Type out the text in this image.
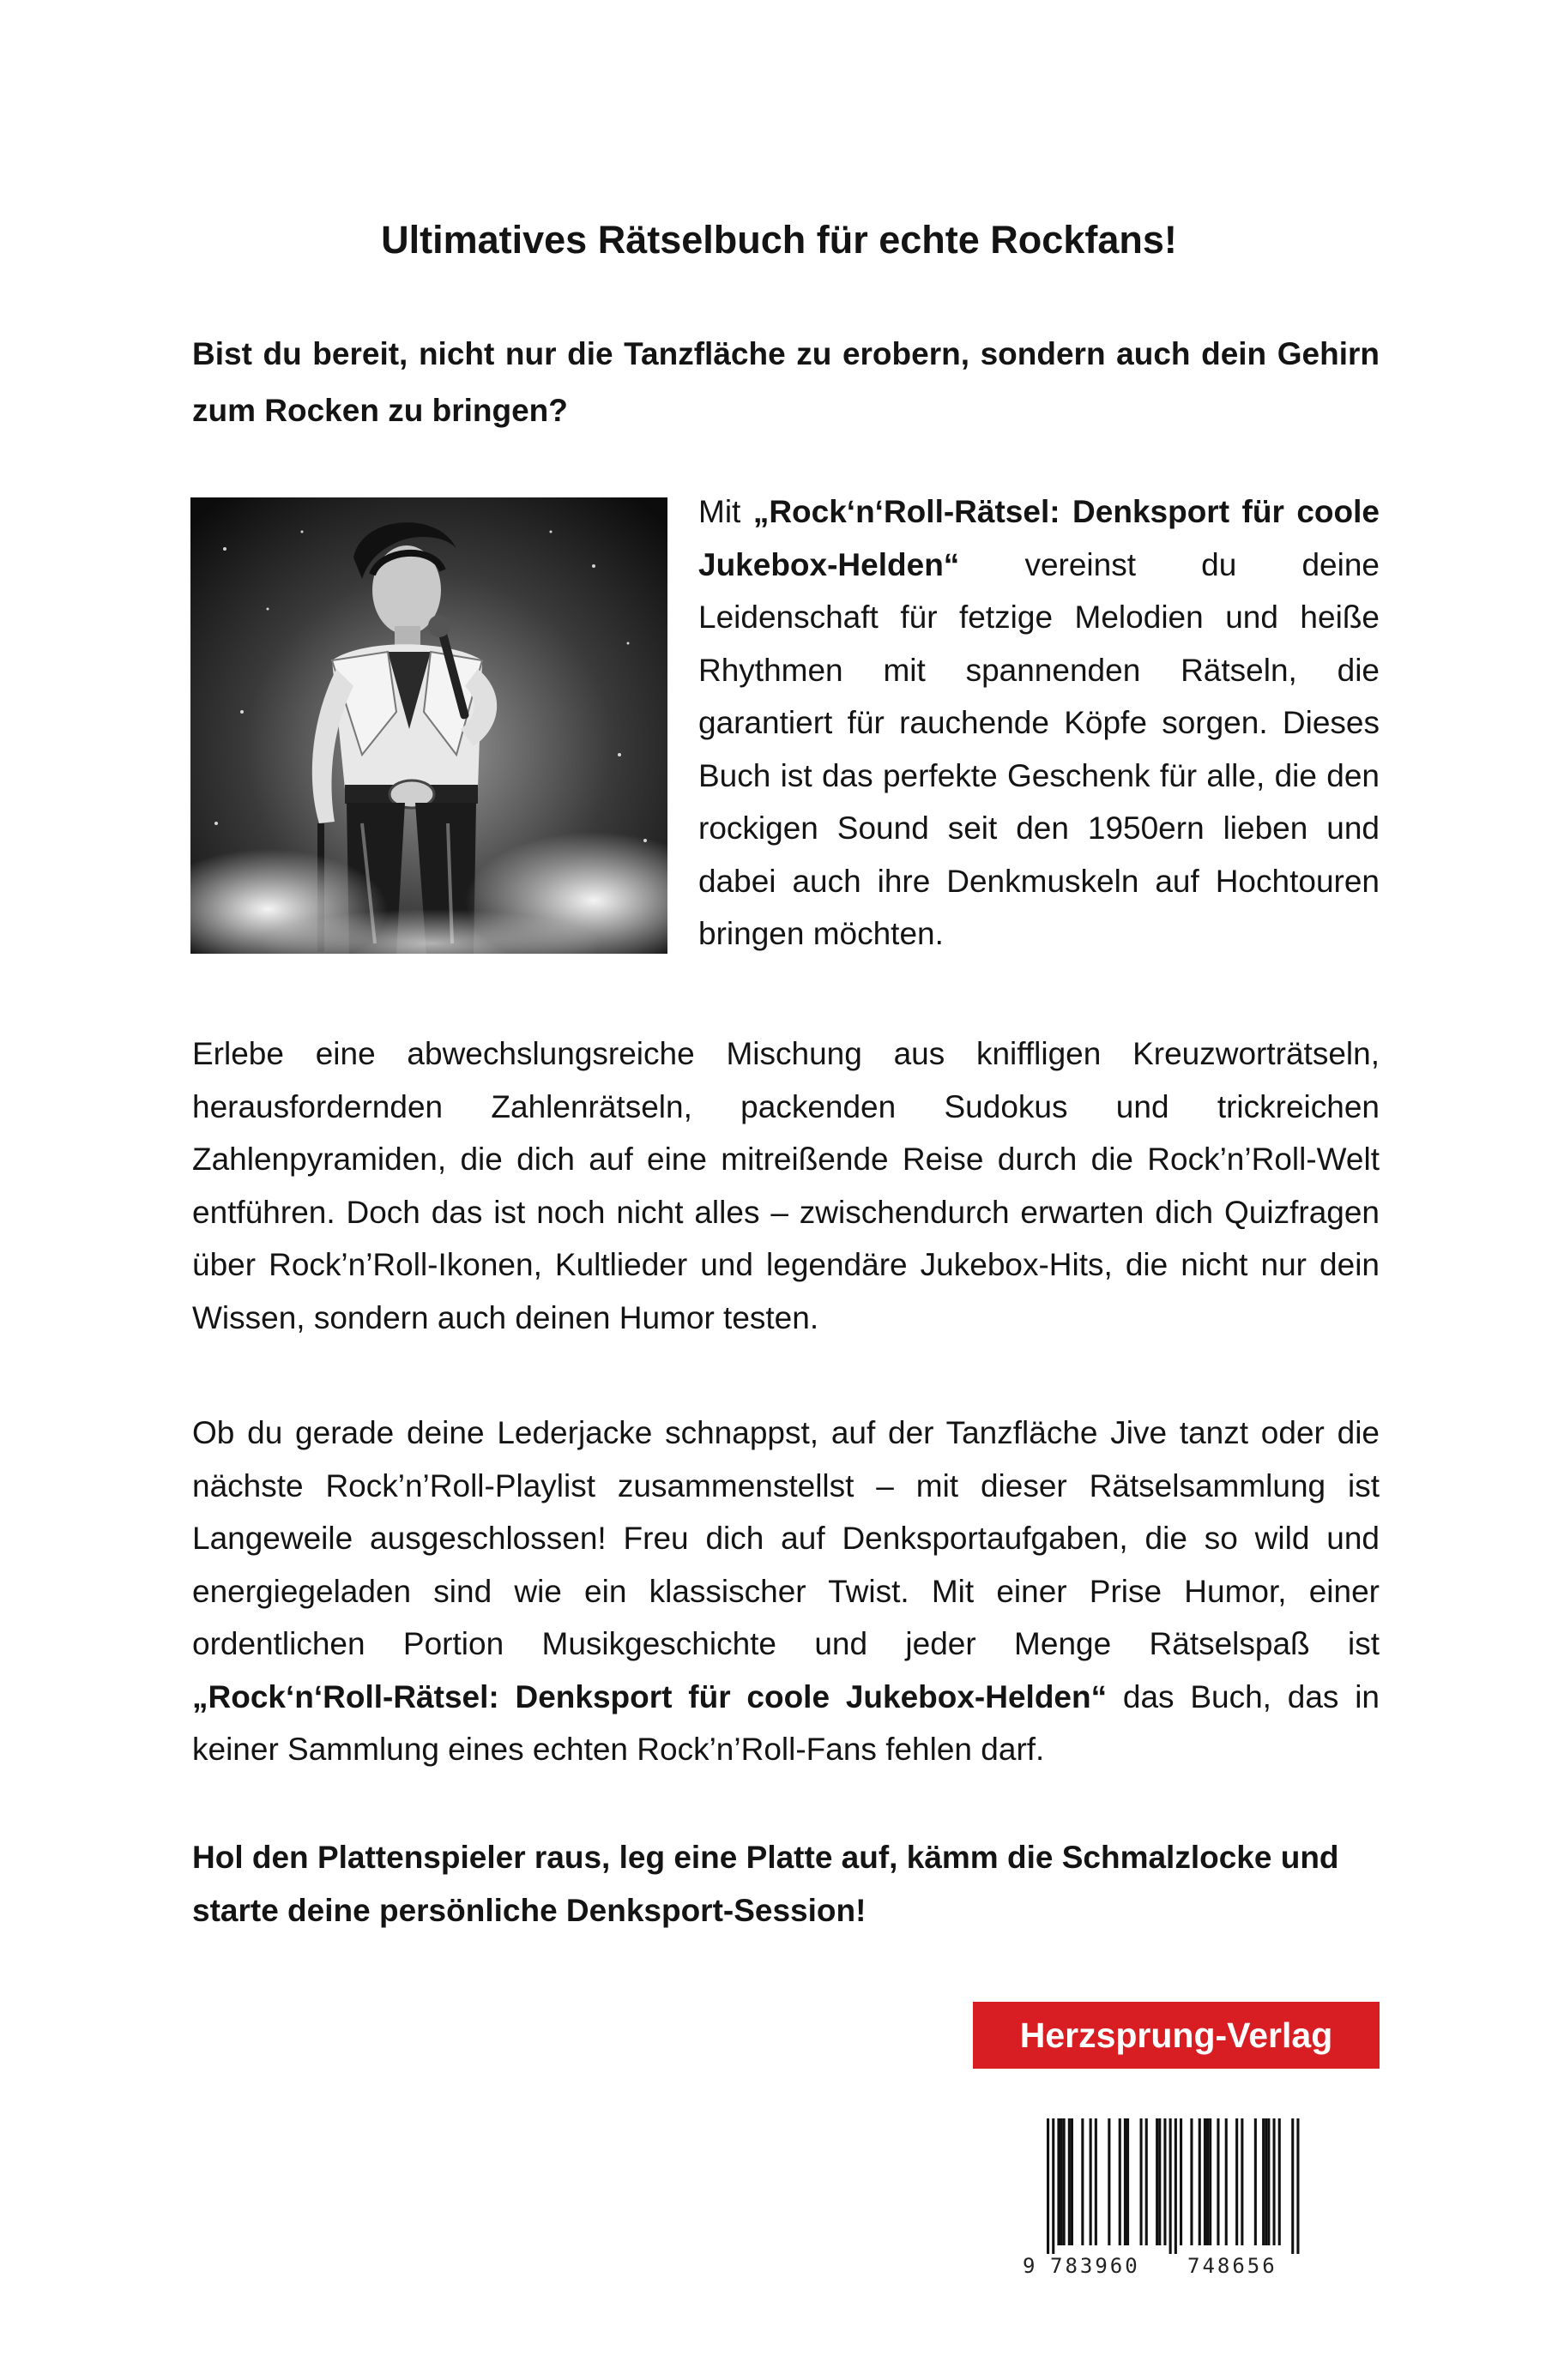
Ultimatives Rätselbuch für echte Rockfans!

Bist du bereit, nicht nur die Tanzfläche zu erobern, sondern auch dein Gehirn zum Rocken zu bringen?

Mit „Rock‘n‘Roll-Rätsel: Denksport für coole Jukebox-Helden“ vereinst du deine Leidenschaft für fetzige Melodien und heiße Rhythmen mit spannenden Rätseln, die garantiert für rauchende Köpfe sorgen. Dieses Buch ist das perfekte Geschenk für alle, die den rockigen Sound seit den 1950ern lieben und dabei auch ihre Denkmuskeln auf Hochtouren bringen möchten.

Erlebe eine abwechslungsreiche Mischung aus kniffligen Kreuzworträtseln, herausfordernden Zahlenrätseln, packenden Sudokus und trickreichen Zahlenpyramiden, die dich auf eine mitreißende Reise durch die Rock’n’Roll-Welt entführen. Doch das ist noch nicht alles – zwischendurch erwarten dich Quizfragen über Rock’n’Roll-Ikonen, Kultlieder und legendäre Jukebox-Hits, die nicht nur dein Wissen, sondern auch deinen Humor testen.

Ob du gerade deine Lederjacke schnappst, auf der Tanzfläche Jive tanzt oder die nächste Rock’n’Roll-Playlist zusammenstellst – mit dieser Rätselsammlung ist Langeweile ausgeschlossen! Freu dich auf Denksportaufgaben, die so wild und energiegeladen sind wie ein klassischer Twist. Mit einer Prise Humor, einer ordentlichen Portion Musikgeschichte und jeder Menge Rätselspaß ist „Rock‘n‘Roll-Rätsel: Denksport für coole Jukebox-Helden“ das Buch, das in keiner Sammlung eines echten Rock’n’Roll-Fans fehlen darf.

Hol den Plattenspieler raus, leg eine Platte auf, kämm die Schmalzlocke und starte deine persönliche Denksport-Session!

Herzsprung-Verlag
9 783960 748656
